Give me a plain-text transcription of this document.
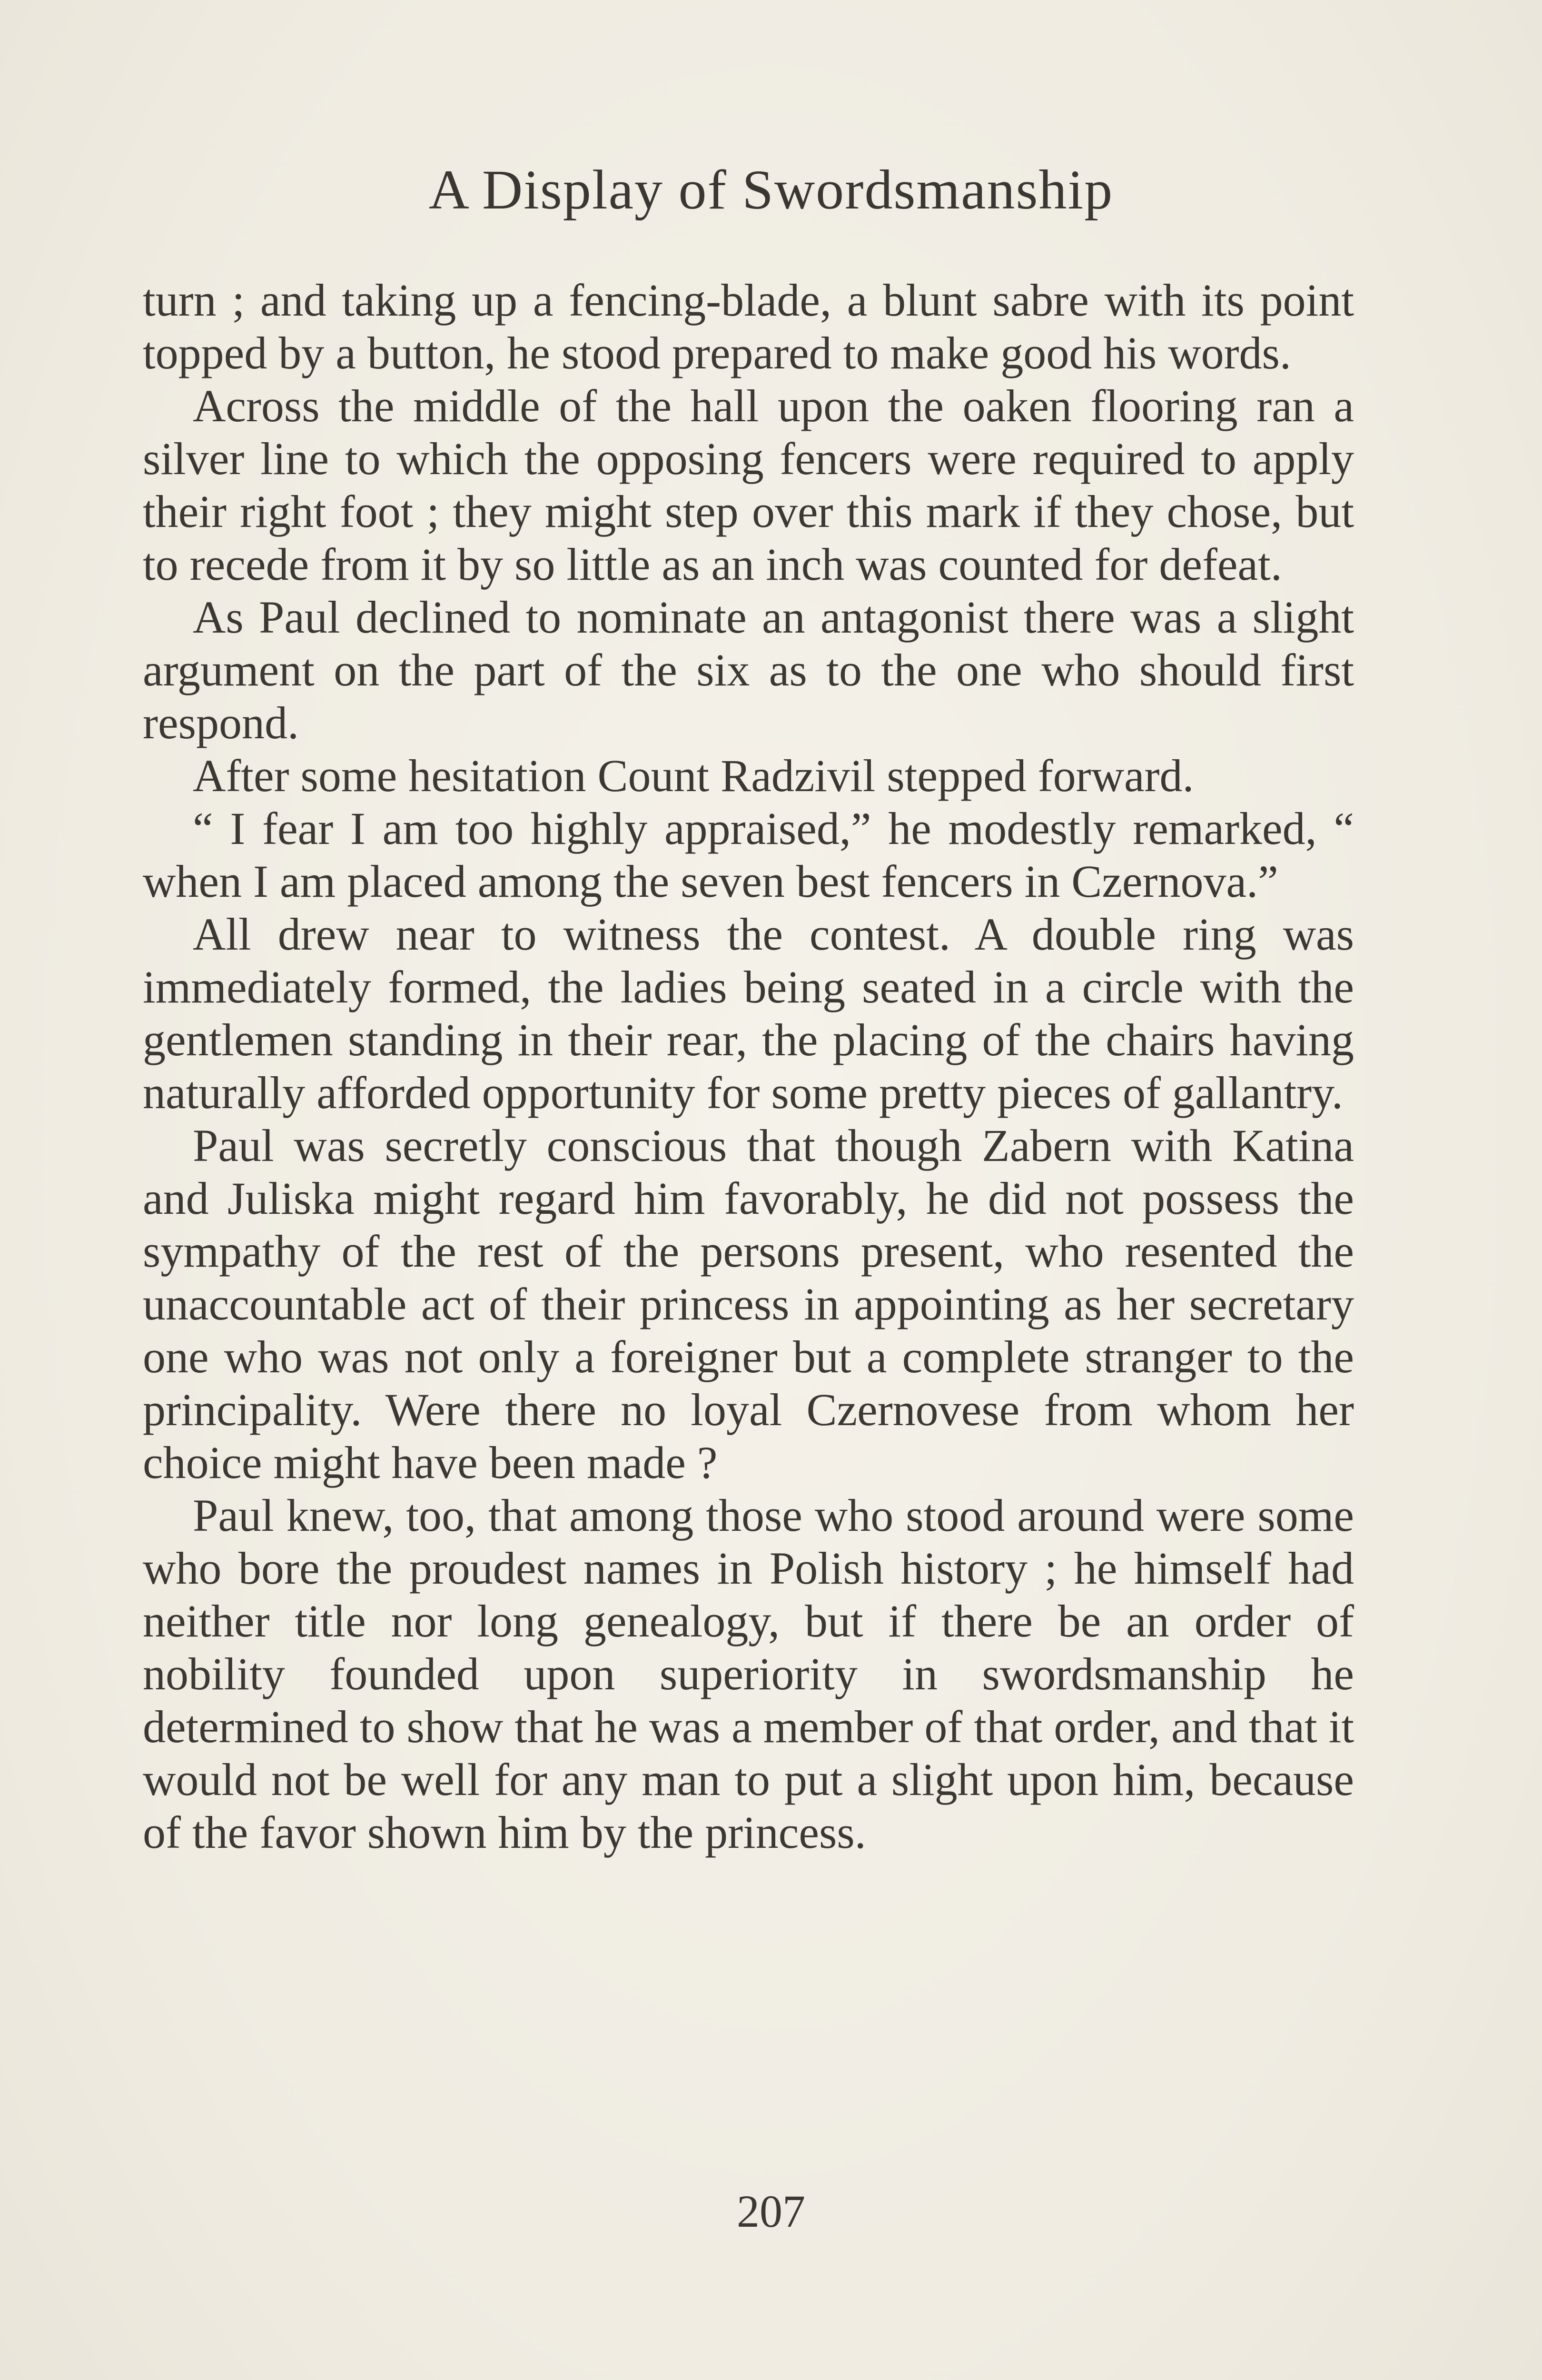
A Display of Swordsmanship

turn ; and taking up a fencing-blade, a blunt sabre with its point topped by a button, he stood prepared to make good his words.

Across the middle of the hall upon the oaken flooring ran a silver line to which the opposing fencers were required to apply their right foot ; they might step over this mark if they chose, but to recede from it by so little as an inch was counted for defeat.

As Paul declined to nominate an antagonist there was a slight argument on the part of the six as to the one who should first respond.

After some hesitation Count Radzivil stepped forward.

“ I fear I am too highly appraised,” he modestly remarked, “ when I am placed among the seven best fencers in Czernova.”

All drew near to witness the contest. A double ring was immediately formed, the ladies being seated in a circle with the gentlemen standing in their rear, the placing of the chairs having naturally afforded opportunity for some pretty pieces of gallantry.

Paul was secretly conscious that though Zabern with Katina and Juliska might regard him favorably, he did not possess the sympathy of the rest of the persons present, who resented the unaccountable act of their princess in appointing as her secretary one who was not only a foreigner but a complete stranger to the principality. Were there no loyal Czernovese from whom her choice might have been made ?

Paul knew, too, that among those who stood around were some who bore the proudest names in Polish history ; he himself had neither title nor long genealogy, but if there be an order of nobility founded upon superiority in swordsmanship he determined to show that he was a member of that order, and that it would not be well for any man to put a slight upon him, because of the favor shown him by the princess.

207
